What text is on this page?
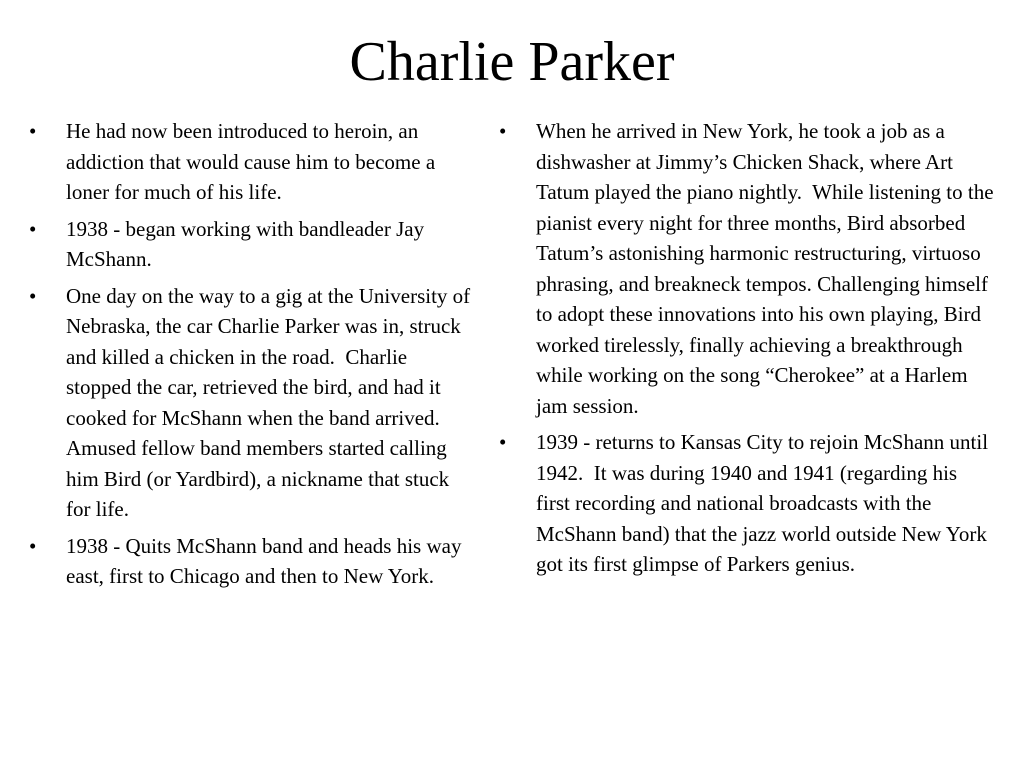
Charlie Parker
• He had now been introduced to heroin, an addiction that would cause him to become a loner for much of his life.
• 1938 - began working with bandleader Jay McShann.
• One day on the way to a gig at the University of Nebraska, the car Charlie Parker was in, struck and killed a chicken in the road.  Charlie stopped the car, retrieved the bird, and had it cooked for McShann when the band arrived. Amused fellow band members started calling him Bird (or Yardbird), a nickname that stuck for life.
• 1938 - Quits McShann band and heads his way east, first to Chicago and then to New York.
• When he arrived in New York, he took a job as a dishwasher at Jimmy’s Chicken Shack, where Art Tatum played the piano nightly.  While listening to the pianist every night for three months, Bird absorbed Tatum’s astonishing harmonic restructuring, virtuoso phrasing, and breakneck tempos. Challenging himself to adopt these innovations into his own playing, Bird worked tirelessly, finally achieving a breakthrough while working on the song “Cherokee” at a Harlem jam session.
• 1939 - returns to Kansas City to rejoin McShann until 1942.  It was during 1940 and 1941 (regarding his first recording and national broadcasts with the McShann band) that the jazz world outside New York got its first glimpse of Parkers genius.
